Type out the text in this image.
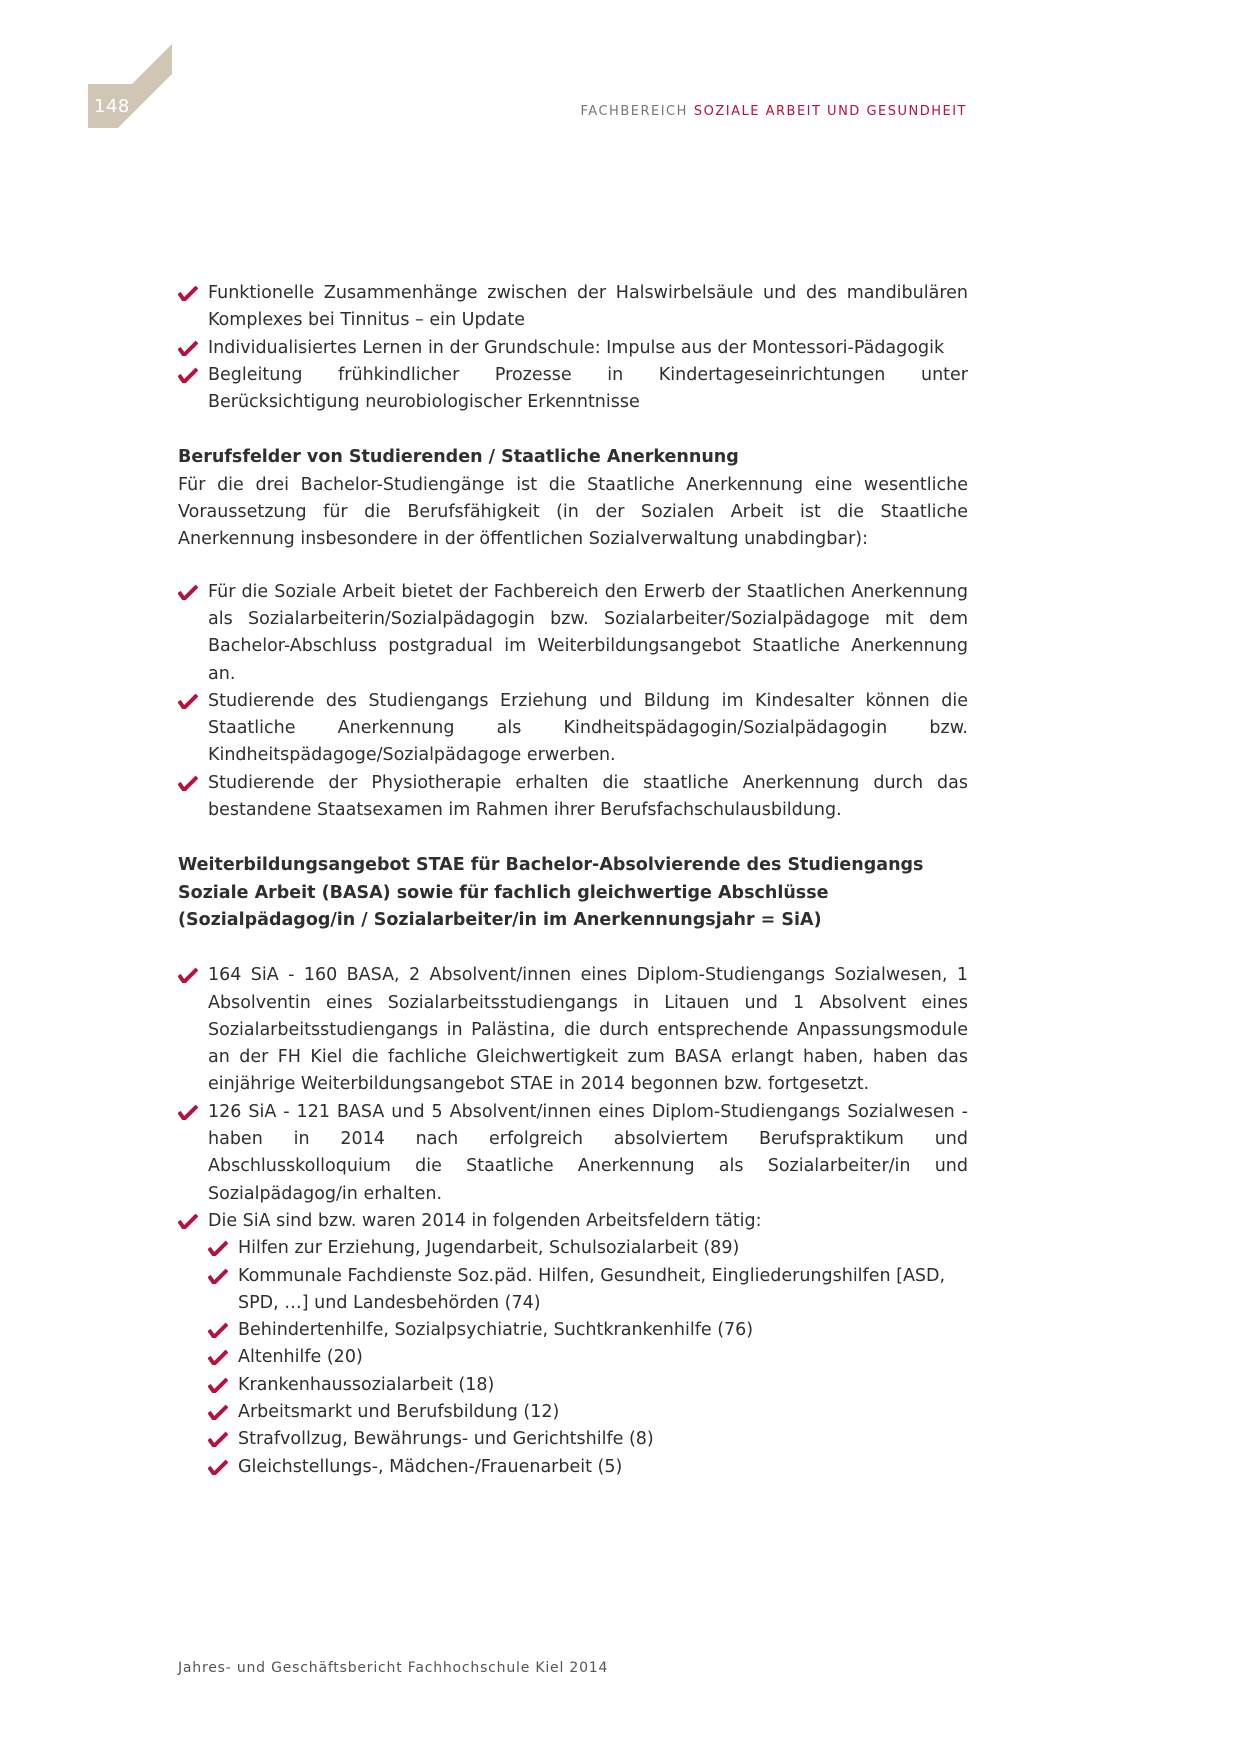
148	FACHBEREICH SOZIALE ARBEIT UND GESUNDHEIT
Funktionelle Zusammenhänge zwischen der Halswirbelsäule und des mandibulären Komplexes bei Tinnitus – ein Update
Individualisiertes Lernen in der Grundschule: Impulse aus der Montessori-Pädagogik
Begleitung frühkindlicher Prozesse in Kindertageseinrichtungen unter Berücksichtigung neurobiologischer Erkenntnisse

Berufsfelder von Studierenden / Staatliche Anerkennung

Für die drei Bachelor-Studiengänge ist die Staatliche Anerkennung eine wesentliche Voraussetzung für die Berufsfähigkeit (in der Sozialen Arbeit ist die Staatliche Anerkennung insbesondere in der öffentlichen Sozialverwaltung unabdingbar):

Für die Soziale Arbeit bietet der Fachbereich den Erwerb der Staatlichen Anerkennung als Sozialarbeiterin/Sozialpädagogin bzw. Sozialarbeiter/Sozialpädagoge mit dem Bachelor-Abschluss postgradual im Weiterbildungsangebot Staatliche Anerkennung an.
Studierende des Studiengangs Erziehung und Bildung im Kindesalter können die Staatliche Anerkennung als Kindheitspädagogin/Sozialpädagogin bzw. Kindheitspädagoge/Sozialpädagoge erwerben.
Studierende der Physiotherapie erhalten die staatliche Anerkennung durch das bestandene Staatsexamen im Rahmen ihrer Berufsfachschulausbildung.

Weiterbildungsangebot STAE für Bachelor-Absolvierende des Studiengangs Soziale Arbeit (BASA) sowie für fachlich gleichwertige Abschlüsse (Sozialpädagog/in / Sozialarbeiter/in im Anerkennungsjahr = SiA)

164 SiA - 160 BASA, 2 Absolvent/innen eines Diplom-Studiengangs Sozialwesen, 1 Absolventin eines Sozialarbeitsstudiengangs in Litauen und 1 Absolvent eines Sozialarbeitsstudiengangs in Palästina, die durch entsprechende Anpassungsmodule an der FH Kiel die fachliche Gleichwertigkeit zum BASA erlangt haben, haben das einjährige Weiterbildungsangebot STAE in 2014 begonnen bzw. fortgesetzt.
126 SiA - 121 BASA und 5 Absolvent/innen eines Diplom-Studiengangs Sozialwesen - haben in 2014 nach erfolgreich absolviertem Berufspraktikum und Abschlusskolloquium die Staatliche Anerkennung als Sozialarbeiter/in und Sozialpädagog/in erhalten.
Die SiA sind bzw. waren 2014 in folgenden Arbeitsfeldern tätig:
Hilfen zur Erziehung, Jugendarbeit, Schulsozialarbeit (89)
Kommunale Fachdienste Soz.päd. Hilfen, Gesundheit, Eingliederungshilfen [ASD, SPD, …] und Landesbehörden (74)
Behindertenhilfe, Sozialpsychiatrie, Suchtkrankenhilfe (76)
Altenhilfe (20)
Krankenhaussozialarbeit (18)
Arbeitsmarkt und Berufsbildung (12)
Strafvollzug, Bewährungs- und Gerichtshilfe (8)
Gleichstellungs-, Mädchen-/Frauenarbeit (5)
Jahres- und Geschäftsbericht Fachhochschule Kiel 2014
